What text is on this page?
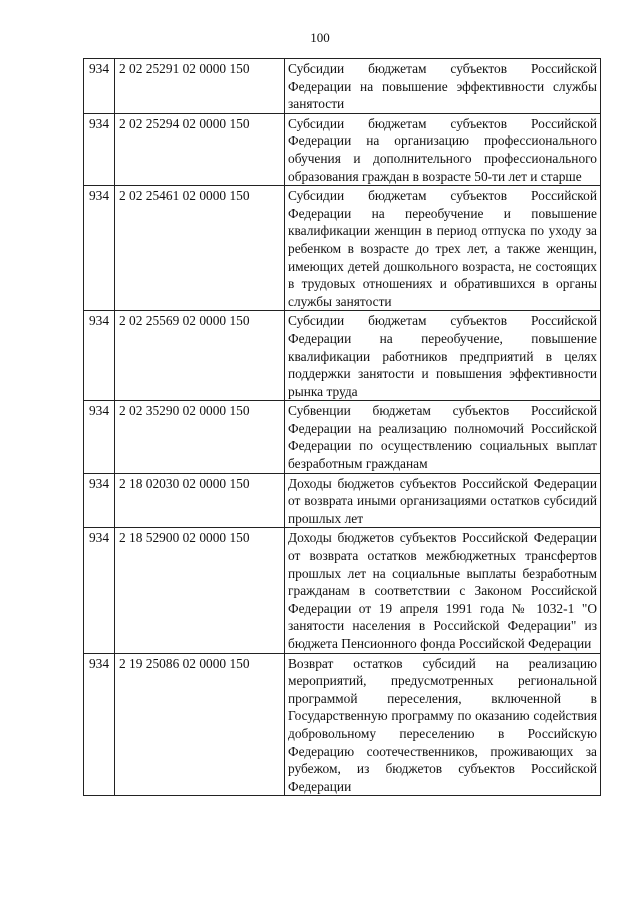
100
934	2 02 25291 02 0000 150	Субсидии бюджетам субъектов Российской Федерации на повышение эффективности службы занятости
934	2 02 25294 02 0000 150	Субсидии бюджетам субъектов Российской Федерации на организацию профессионального обучения и дополнительного профессионального образования граждан в возрасте 50-ти лет и старше
934	2 02 25461 02 0000 150	Субсидии бюджетам субъектов Российской Федерации на переобучение и повышение квалификации женщин в период отпуска по уходу за ребенком в возрасте до трех лет, а также женщин, имеющих детей дошкольного возраста, не состоящих в трудовых отношениях и обратившихся в органы службы занятости
934	2 02 25569 02 0000 150	Субсидии бюджетам субъектов Российской Федерации на переобучение, повышение квалификации работников предприятий в целях поддержки занятости и повышения эффективности рынка труда
934	2 02 35290 02 0000 150	Субвенции бюджетам субъектов Российской Федерации на реализацию полномочий Российской Федерации по осуществлению социальных выплат безработным гражданам
934	2 18 02030 02 0000 150	Доходы бюджетов субъектов Российской Федерации от возврата иными организациями остатков субсидий прошлых лет
934	2 18 52900 02 0000 150	Доходы бюджетов субъектов Российской Федерации от возврата остатков межбюджетных трансфертов прошлых лет на социальные выплаты безработным гражданам в соответствии с Законом Российской Федерации от 19 апреля 1991 года № 1032-1 "О занятости населения в Российской Федерации" из бюджета Пенсионного фонда Российской Федерации
934	2 19 25086 02 0000 150	Возврат остатков субсидий на реализацию мероприятий, предусмотренных региональной программой переселения, включенной в Государственную программу по оказанию содействия добровольному переселению в Российскую Федерацию соотечественников, проживающих за рубежом, из бюджетов субъектов Российской Федерации
